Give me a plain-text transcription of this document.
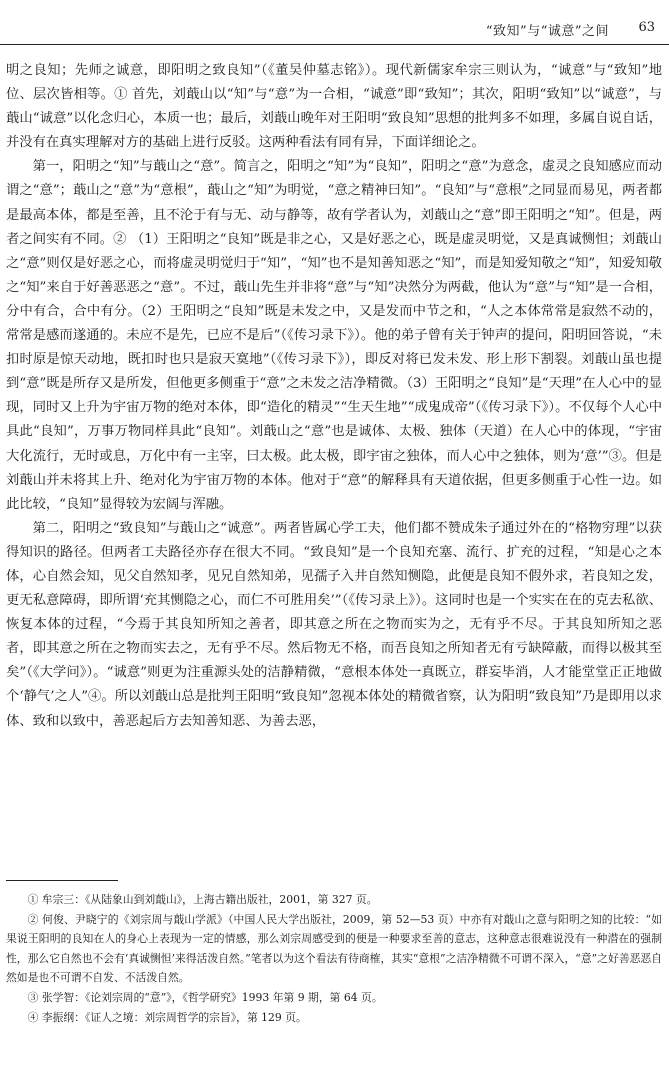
“致知”与“诚意”之间 63

明之良知；先师之诚意，即阳明之致良知”（《董吴仲墓志铭》）。现代新儒家牟宗三则认为，“诚意”与“致知”地位、层次皆相等。① 首先，刘蕺山以“知”与“意”为一合相，“诚意”即“致知”；其次，阳明“致知”以“诚意”，与蕺山“诚意”以化念归心，本质一也；最后，刘蕺山晚年对王阳明“致良知”思想的批判多不如理，多属自说自话，并没有在真实理解对方的基础上进行反驳。这两种看法有同有异，下面详细论之。

第一，阳明之“知”与蕺山之“意”。简言之，阳明之“知”为“良知”，阳明之“意”为意念，虚灵之良知感应而动谓之“意”；蕺山之“意”为“意根”，蕺山之“知”为明觉，“意之精神曰知”。“良知”与“意根”之同显而易见，两者都是最高本体，都是至善，且不沦于有与无、动与静等，故有学者认为，刘蕺山之“意”即王阳明之“知”。但是，两者之间实有不同。② （1）王阳明之“良知”既是非之心，又是好恶之心，既是虚灵明觉，又是真诚恻怛；刘蕺山之“意”则仅是好恶之心，而将虚灵明觉归于“知”，“知”也不是知善知恶之“知”，而是知爱知敬之“知”，知爱知敬之“知”来自于好善恶恶之“意”。不过，蕺山先生并非将“意”与“知”决然分为两截，他认为“意”与“知”是一合相，分中有合，合中有分。（2）王阳明之“良知”既是未发之中，又是发而中节之和，“人之本体常常是寂然不动的，常常是感而遂通的。未应不是先，已应不是后”（《传习录下》）。他的弟子曾有关于钟声的提问，阳明回答说，“未扣时原是惊天动地，既扣时也只是寂天寞地”（《传习录下》），即反对将已发未发、形上形下割裂。刘蕺山虽也提到“意”既是所存又是所发，但他更多侧重于“意”之未发之洁净精微。（3）王阳明之“良知”是“天理”在人心中的显现，同时又上升为宇宙万物的绝对本体，即“造化的精灵”“生天生地”“成鬼成帝”（《传习录下》）。不仅每个人心中具此“良知”，万事万物同样具此“良知”。刘蕺山之“意”也是诚体、太极、独体（天道）在人心中的体现，“宇宙大化流行，无时或息，万化中有一主宰，曰太极。此太极，即宇宙之独体，而人心中之独体，则为‘意’”③。但是刘蕺山并未将其上升、绝对化为宇宙万物的本体。他对于“意”的解释具有天道依据，但更多侧重于心性一边。如此比较，“良知”显得较为宏阔与浑融。

第二，阳明之“致良知”与蕺山之“诚意”。两者皆属心学工夫，他们都不赞成朱子通过外在的“格物穷理”以获得知识的路径。但两者工夫路径亦存在很大不同。“致良知”是一个良知充塞、流行、扩充的过程，“知是心之本体，心自然会知，见父自然知孝，见兄自然知弟，见孺子入井自然知恻隐，此便是良知不假外求，若良知之发，更无私意障碍，即所谓‘充其恻隐之心，而仁不可胜用矣’”（《传习录上》）。这同时也是一个实实在在的克去私欲、恢复本体的过程，“今焉于其良知所知之善者，即其意之所在之物而实为之，无有乎不尽。于其良知所知之恶者，即其意之所在之物而实去之，无有乎不尽。然后物无不格，而吾良知之所知者无有亏缺障蔽，而得以极其至矣”（《大学问》）。“诚意”则更为注重源头处的洁静精微，“意根本体处一真既立，群妄毕消，人才能堂堂正正地做个‘静气’之人”④。所以刘蕺山总是批判王阳明“致良知”忽视本体处的精微省察，认为阳明“致良知”乃是即用以求体、致和以致中，善恶起后方去知善知恶、为善去恶，

① 牟宗三：《从陆象山到刘蕺山》，上海古籍出版社，2001，第 327 页。

② 何俊、尹晓宁的《刘宗周与蕺山学派》（中国人民大学出版社，2009，第 52—53 页）中亦有对蕺山之意与阳明之知的比较：“如果说王阳明的良知在人的身心上表现为一定的情感，那么刘宗周感受到的便是一种要求至善的意志，这种意志很难说没有一种潜在的强制性，那么它自然也不会有‘真诚恻怛’来得活泼自然。”笔者以为这个看法有待商榷，其实“意根”之洁净精微不可谓不深入，“意”之好善恶恶自然如是也不可谓不自发、不活泼自然。

③ 张学智：《论刘宗周的“意”》，《哲学研究》1993 年第 9 期，第 64 页。

④ 李振纲：《证人之境：刘宗周哲学的宗旨》，第 129 页。
